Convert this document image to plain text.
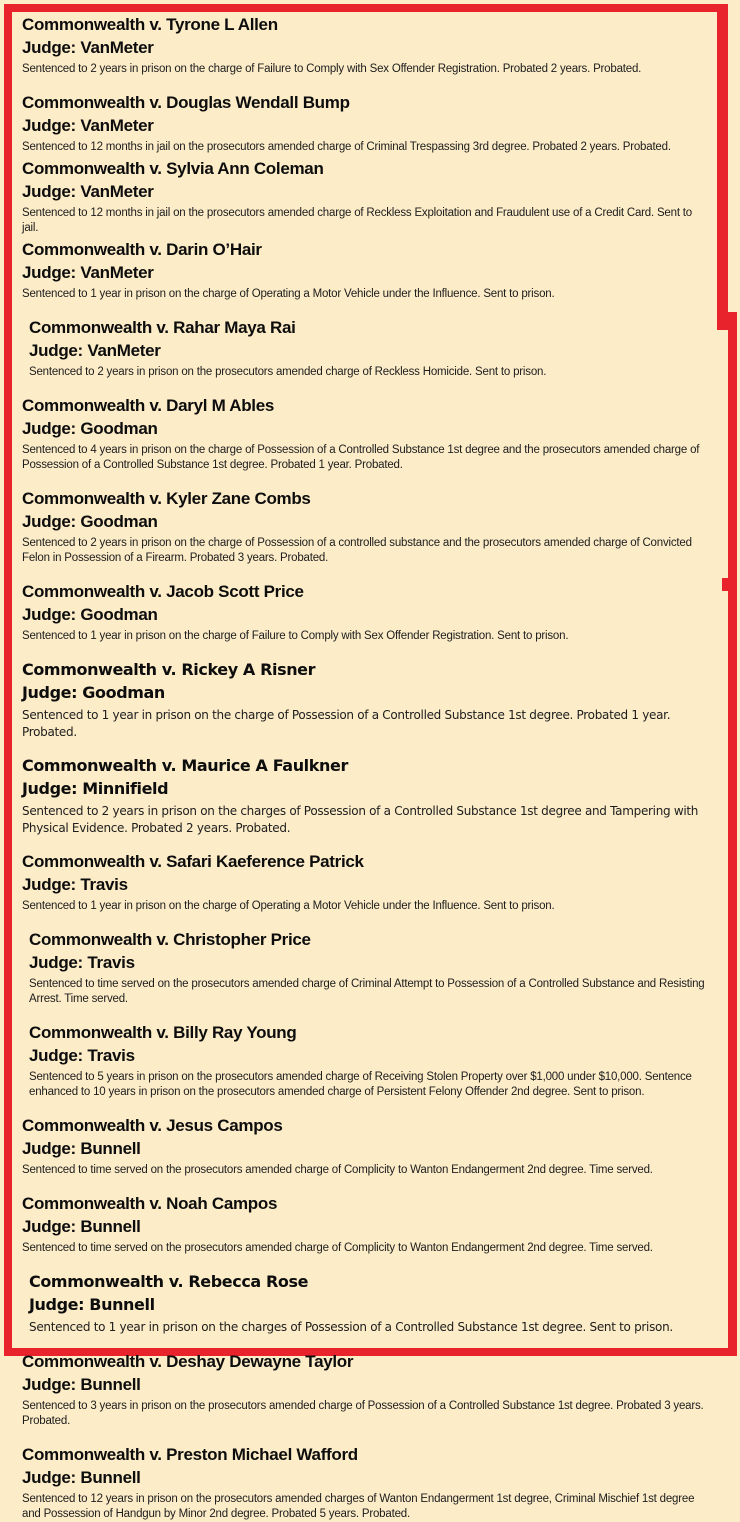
Commonwealth v. Tyrone L Allen
Judge: VanMeter

Sentenced to 2 years in prison on the charge of Failure to Comply with Sex Offender Registration. Probated 2 years. Probated.

Commonwealth v. Douglas Wendall Bump
Judge: VanMeter

Sentenced to 12 months in jail on the prosecutors amended charge of Criminal Trespassing 3rd degree. Probated 2 years. Probated.

Commonwealth v. Sylvia Ann Coleman
Judge: VanMeter

Sentenced to 12 months in jail on the prosecutors amended charge of Reckless Exploitation and Fraudulent use of a Credit Card. Sent to jail.

Commonwealth v. Darin O’Hair
Judge: VanMeter

Sentenced to 1 year in prison on the charge of Operating a Motor Vehicle under the Influence. Sent to prison.

Commonwealth v. Rahar Maya Rai
Judge: VanMeter

Sentenced to 2 years in prison on the prosecutors amended charge of Reckless Homicide. Sent to prison.

Commonwealth v. Daryl M Ables
Judge: Goodman

Sentenced to 4 years in prison on the charge of Possession of a Controlled Substance 1st degree and the prosecutors amended charge of Possession of a Controlled Substance 1st degree. Probated 1 year. Probated.

Commonwealth v. Kyler Zane Combs
Judge: Goodman

Sentenced to 2 years in prison on the charge of Possession of a controlled substance and the prosecutors amended charge of Convicted Felon in Possession of a Firearm. Probated 3 years. Probated.

Commonwealth v. Jacob Scott Price
Judge: Goodman

Sentenced to 1 year in prison on the charge of Failure to Comply with Sex Offender Registration. Sent to prison.

Commonwealth v. Rickey A Risner
Judge: Goodman

Sentenced to 1 year in prison on the charge of Possession of a Controlled Substance 1st degree. Probated 1 year. Probated.

Commonwealth v. Maurice A Faulkner
Judge: Minnifield

Sentenced to 2 years in prison on the charges of Possession of a Controlled Substance 1st degree and Tampering with Physical Evidence. Probated 2 years. Probated.

Commonwealth v. Safari Kaeference Patrick
Judge: Travis

Sentenced to 1 year in prison on the charge of Operating a Motor Vehicle under the Influence. Sent to prison.

Commonwealth v. Christopher Price
Judge: Travis

Sentenced to time served on the prosecutors amended charge of Criminal Attempt to Possession of a Controlled Substance and Resisting Arrest. Time served.

Commonwealth v. Billy Ray Young
Judge: Travis

Sentenced to 5 years in prison on the prosecutors amended charge of Receiving Stolen Property over $1,000 under $10,000. Sentence enhanced to 10 years in prison on the prosecutors amended charge of Persistent Felony Offender 2nd degree. Sent to prison.

Commonwealth v. Jesus Campos
Judge: Bunnell

Sentenced to time served on the prosecutors amended charge of Complicity to Wanton Endangerment 2nd degree. Time served.

Commonwealth v. Noah Campos
Judge: Bunnell

Sentenced to time served on the prosecutors amended charge of Complicity to Wanton Endangerment 2nd degree. Time served.

Commonwealth v. Rebecca Rose
Judge: Bunnell

Sentenced to 1 year in prison on the charges of Possession of a Controlled Substance 1st degree. Sent to prison.

Commonwealth v. Deshay Dewayne Taylor
Judge: Bunnell

Sentenced to 3 years in prison on the prosecutors amended charge of Possession of a Controlled Substance 1st degree. Probated 3 years. Probated.

Commonwealth v. Preston Michael Wafford
Judge: Bunnell

Sentenced to 12 years in prison on the prosecutors amended charges of Wanton Endangerment 1st degree, Criminal Mischief 1st degree and Possession of Handgun by Minor 2nd degree. Probated 5 years. Probated.
